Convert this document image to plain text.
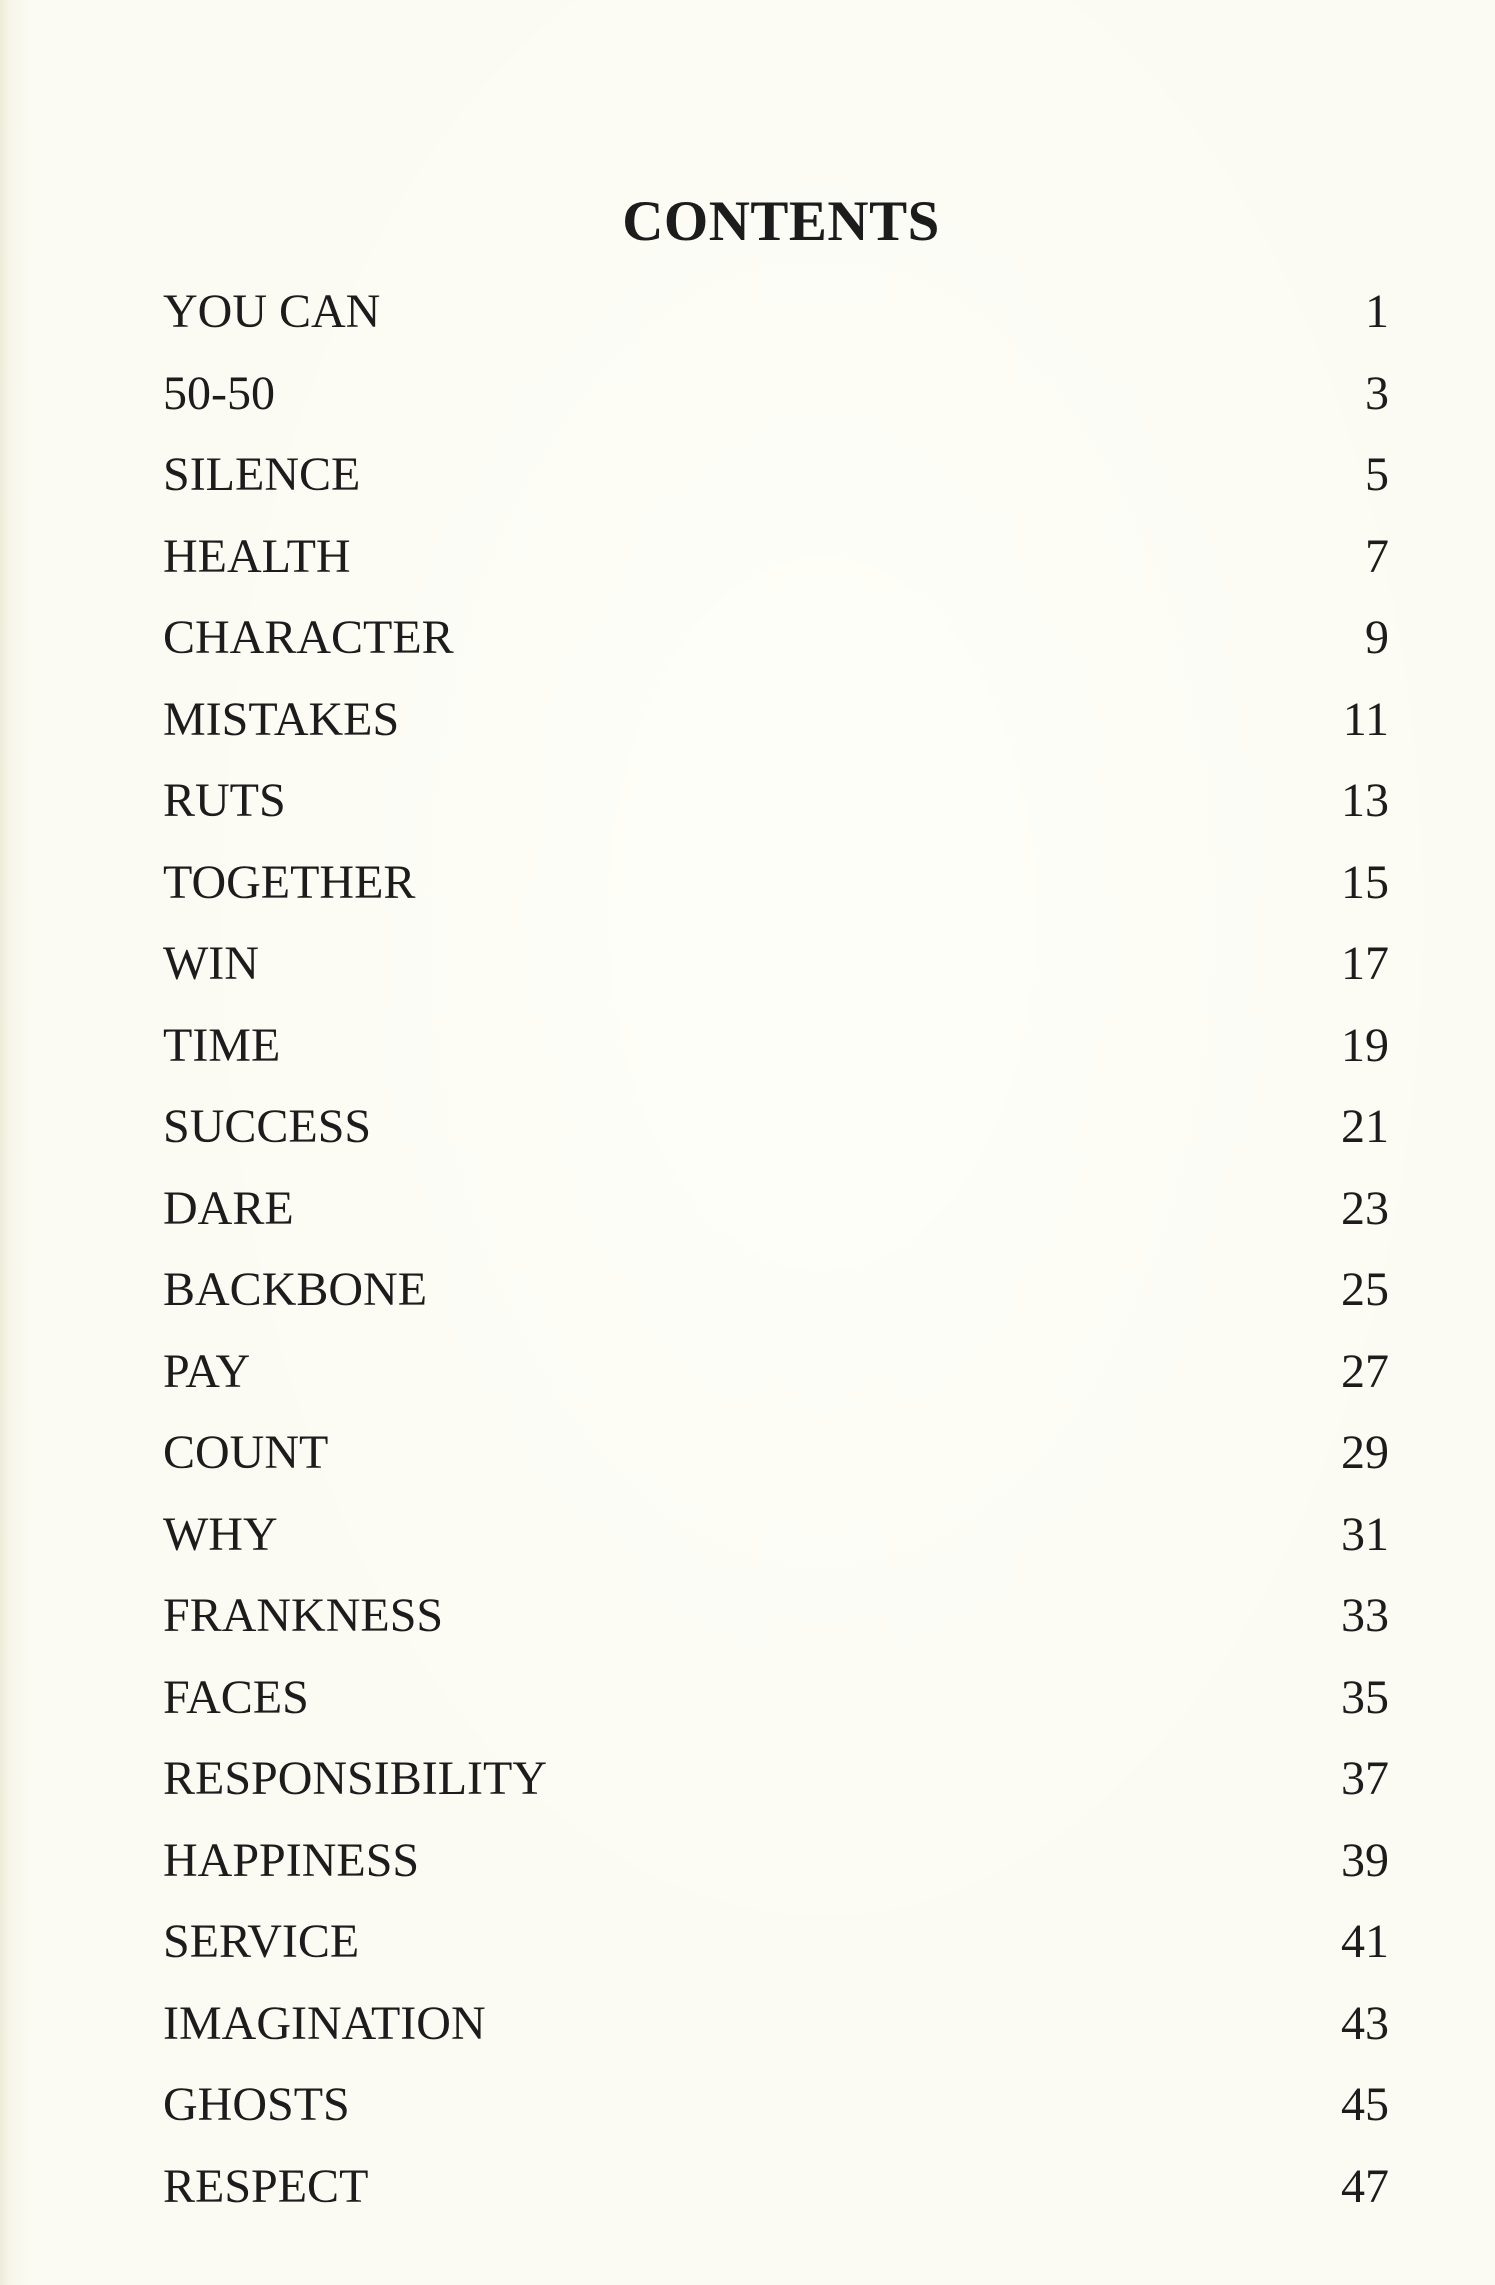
CONTENTS
YOU CAN	1
50-50	3
SILENCE	5
HEALTH	7
CHARACTER	9
MISTAKES	11
RUTS	13
TOGETHER	15
WIN	17
TIME	19
SUCCESS	21
DARE	23
BACKBONE	25
PAY	27
COUNT	29
WHY	31
FRANKNESS	33
FACES	35
RESPONSIBILITY	37
HAPPINESS	39
SERVICE	41
IMAGINATION	43
GHOSTS	45
RESPECT	47
